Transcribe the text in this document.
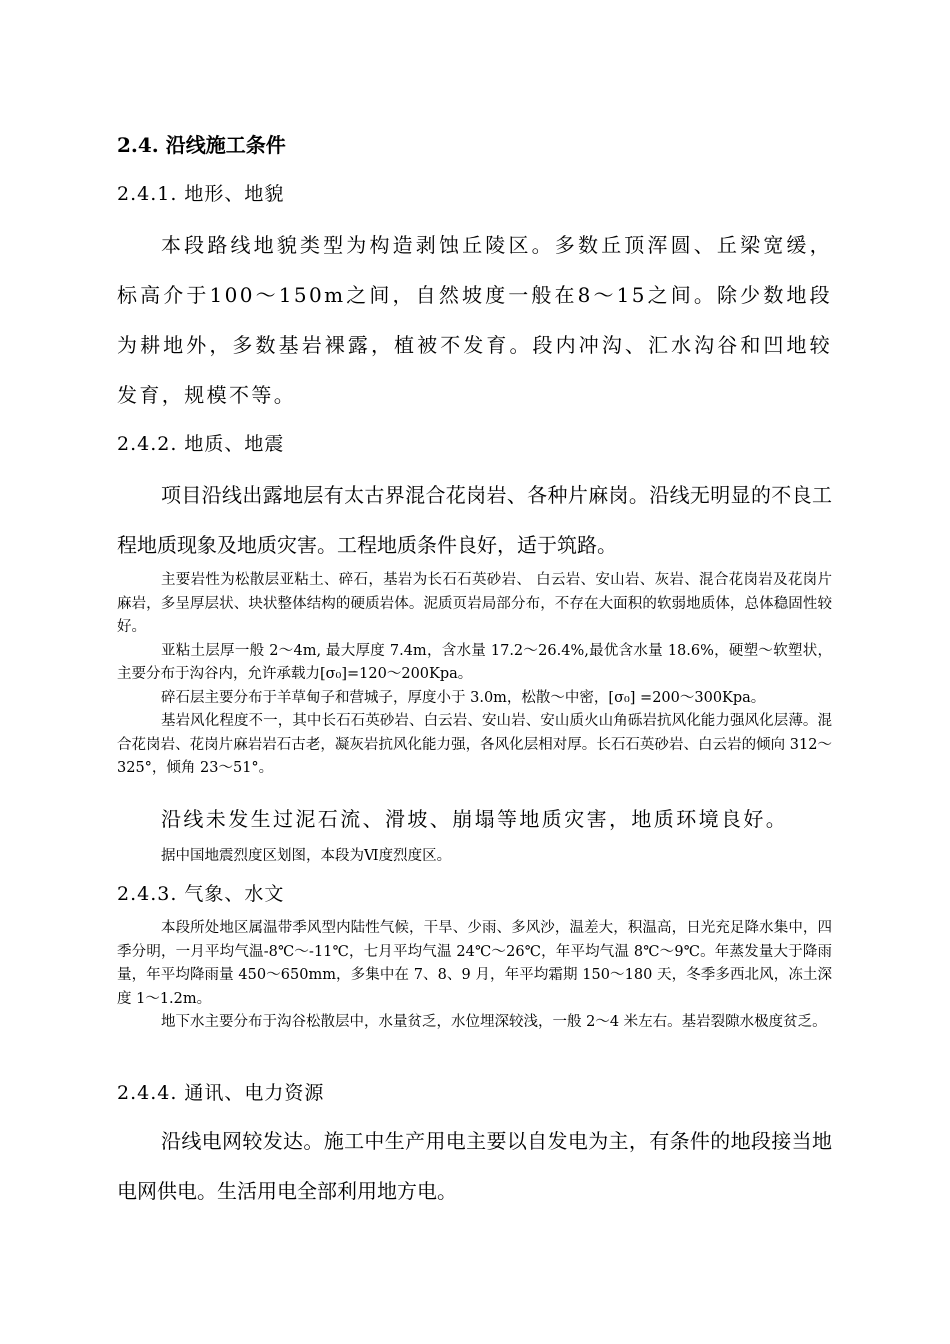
2.4. 沿线施工条件
2.4.1. 地形、地貌

本段路线地貌类型为构造剥蚀丘陵区。多数丘顶浑圆、丘梁宽缓，标高介于100～150m之间，自然坡度一般在8～15之间。除少数地段为耕地外，多数基岩裸露，植被不发育。段内冲沟、汇水沟谷和凹地较发育，规模不等。

2.4.2. 地质、地震

项目沿线出露地层有太古界混合花岗岩、各种片麻岗。沿线无明显的不良工程地质现象及地质灾害。工程地质条件良好，适于筑路。

主要岩性为松散层亚粘土、碎石，基岩为长石石英砂岩、 白云岩、安山岩、灰岩、混合花岗岩及花岗片麻岩，多呈厚层状、块状整体结构的硬质岩体。泥质页岩局部分布，不存在大面积的软弱地质体，总体稳固性较好。

亚粘土层厚一般 2～4m, 最大厚度 7.4m，含水量 17.2～26.4%,最优含水量 18.6%，硬塑～软塑状，主要分布于沟谷内，允许承载力[σ₀]=120～200Kpa。

碎石层主要分布于羊草甸子和营城子，厚度小于 3.0m，松散～中密，[σ₀] =200～300Kpa。

基岩风化程度不一，其中长石石英砂岩、白云岩、安山岩、安山质火山角砾岩抗风化能力强风化层薄。混合花岗岩、花岗片麻岩岩石古老，凝灰岩抗风化能力强，各风化层相对厚。长石石英砂岩、白云岩的倾向 312～325°，倾角 23～51°。

沿线未发生过泥石流、滑坡、崩塌等地质灾害，地质环境良好。

据中国地震烈度区划图，本段为Ⅵ度烈度区。

2.4.3. 气象、水文

本段所处地区属温带季风型内陆性气候，干旱、少雨、多风沙，温差大，积温高，日光充足降水集中，四季分明，一月平均气温-8℃～-11℃，七月平均气温 24℃～26℃，年平均气温 8℃～9℃。年蒸发量大于降雨量，年平均降雨量 450～650mm，多集中在 7、8、9 月，年平均霜期 150～180 天，冬季多西北风，冻土深度 1～1.2m。

地下水主要分布于沟谷松散层中，水量贫乏，水位埋深较浅，一般 2～4 米左右。基岩裂隙水极度贫乏。

2.4.4. 通讯、电力资源

沿线电网较发达。施工中生产用电主要以自发电为主，有条件的地段接当地电网供电。生活用电全部利用地方电。
